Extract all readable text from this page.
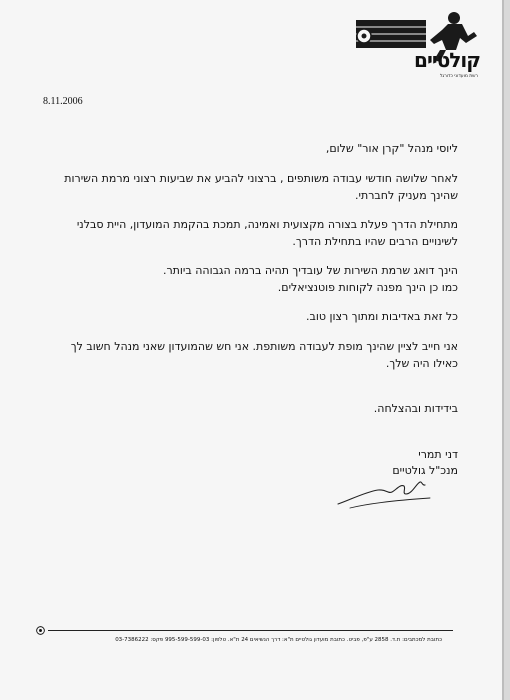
קולטיים
רשת מועדוני כדורגל
8.11.2006
ליוסי מנהל "קרן אור" שלום,
לאחר שלושה חודשי עבודה משותפים , ברצוני להביע את שביעות רצוני מרמת השירות
שהינך מעניק לחברתי.
מתחילת הדרך פעלת בצורה מקצועית ואמינה, תמכת בהקמת המועדון, היית סבלני
לשינויים הרבים שהיו בתחילת הדרך.
הינך דואג שרמת השירות של עובדיך תהיה ברמה הגבוהה ביותר.
כמו כן הינך מפנה לקוחות פוטנציאלים.
כל זאת באדיבות ומתוך רצון טוב.
אני חייב לציין שהינך מופת לעבודה משותפת. אני חש שהמועדון שאני מנהל חשוב לך
כאילו היה שלך.
בידידות ובהצלחה.
דני תמרי
מנכ"ל גולטיים
כתובת למכתבים: ת.ד. 2858 ע"פ, פביט. כתובת מועדון גולטיים ת"א: דרך הנשיאים 24 ת"א. טלפון: 995-599-599-03 פקס: 03-7386222
